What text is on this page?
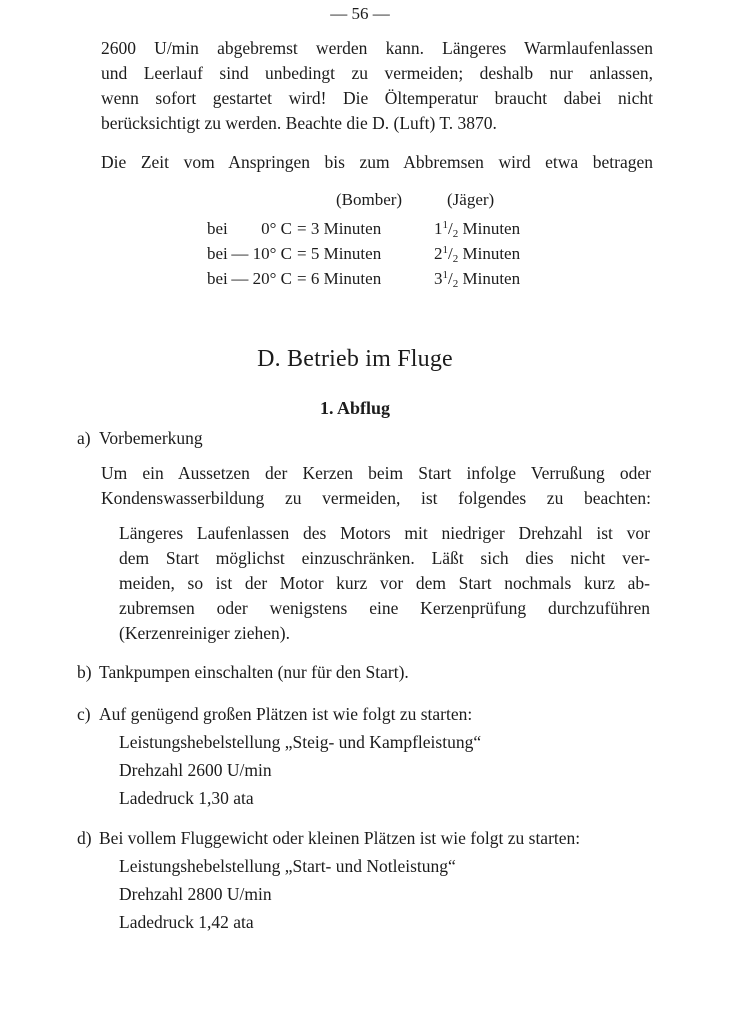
— 56 —
2600 U/min abgebremst werden kann. Längeres Warmlaufenlassen
und Leerlauf sind unbedingt zu vermeiden; deshalb nur anlassen,
wenn sofort gestartet wird! Die Öltemperatur braucht dabei nicht
berücksichtigt zu werden. Beachte die D. (Luft) T. 3870.
Die Zeit vom Anspringen bis zum Abbremsen wird etwa betragen
(Bomber)	(Jäger)
bei	0° C = 3 Minuten	$1^1/_2$ Minuten
bei — 10° C = 5 Minuten	$2^1/_2$ Minuten
bei — 20° C = 6 Minuten	$3^1/_2$ Minuten
D. Betrieb im Fluge
1. Abflug
a) Vorbemerkung
Um ein Aussetzen der Kerzen beim Start infolge Verrußung oder
Kondenswasserbildung zu vermeiden, ist folgendes zu beachten:
Längeres Laufenlassen des Motors mit niedriger Drehzahl ist vor
dem Start möglichst einzuschränken. Läßt sich dies nicht ver-
meiden, so ist der Motor kurz vor dem Start nochmals kurz ab-
zubremsen oder wenigstens eine Kerzenprüfung durchzuführen
(Kerzenreiniger ziehen).
b) Tankpumpen einschalten (nur für den Start).
c) Auf genügend großen Plätzen ist wie folgt zu starten:
Leistungshebelstellung „Steig- und Kampfleistung“
Drehzahl 2600 U/min
Ladedruck 1,30 ata
d) Bei vollem Fluggewicht oder kleinen Plätzen ist wie folgt zu starten:
Leistungshebelstellung „Start- und Notleistung“
Drehzahl 2800 U/min
Ladedruck 1,42 ata
